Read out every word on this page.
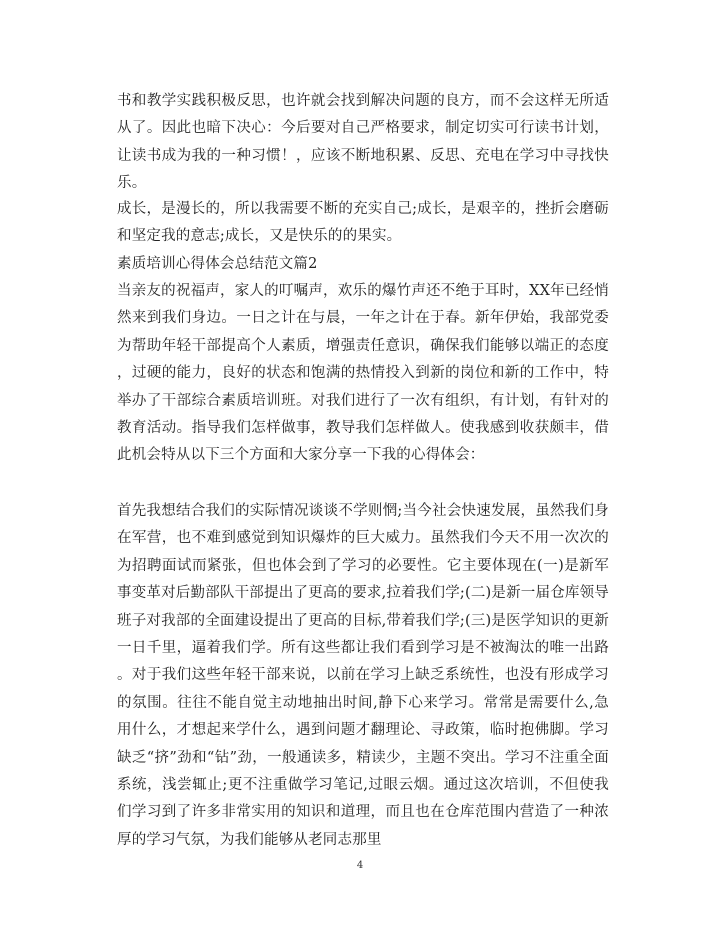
书和教学实践积极反思，也许就会找到解决问题的良方，而不会这样无所适从了。因此也暗下决心：今后要对自己严格要求，制定切实可行读书计划，让读书成为我的一种习惯！，应该不断地积累、反思、充电在学习中寻找快乐。

成长，是漫长的，所以我需要不断的充实自己;成长，是艰辛的，挫折会磨砺和坚定我的意志;成长，又是快乐的的果实。

素质培训心得体会总结范文篇2

当亲友的祝福声，家人的叮嘱声，欢乐的爆竹声还不绝于耳时，XX年已经悄然来到我们身边。一日之计在与晨，一年之计在于春。新年伊始，我部党委为帮助年轻干部提高个人素质，增强责任意识，确保我们能够以端正的态度，过硬的能力，良好的状态和饱满的热情投入到新的岗位和新的工作中，特举办了干部综合素质培训班。对我们进行了一次有组织，有计划，有针对的教育活动。指导我们怎样做事，教导我们怎样做人。使我感到收获颇丰，借此机会特从以下三个方面和大家分享一下我的心得体会：

首先我想结合我们的实际情况谈谈不学则惘;当今社会快速发展，虽然我们身在军营，也不难到感觉到知识爆炸的巨大威力。虽然我们今天不用一次次的为招聘面试而紧张，但也体会到了学习的必要性。它主要体现在(一)是新军事变革对后勤部队干部提出了更高的要求,拉着我们学;(二)是新一届仓库领导班子对我部的全面建设提出了更高的目标,带着我们学;(三)是医学知识的更新一日千里，逼着我们学。所有这些都让我们看到学习是不被淘汰的唯一出路。对于我们这些年轻干部来说，以前在学习上缺乏系统性，也没有形成学习的氛围。往往不能自觉主动地抽出时间,静下心来学习。常常是需要什么,急用什么，才想起来学什么，遇到问题才翻理论、寻政策，临时抱佛脚。学习缺乏“挤”劲和“钻”劲，一般通读多，精读少，主题不突出。学习不注重全面系统，浅尝辄止;更不注重做学习笔记,过眼云烟。通过这次培训，不但使我们学习到了许多非常实用的知识和道理，而且也在仓库范围内营造了一种浓厚的学习气氛，为我们能够从老同志那里

4
